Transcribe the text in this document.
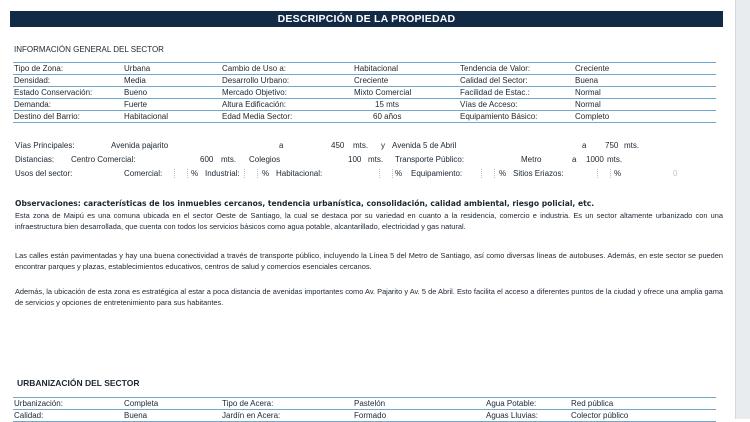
DESCRIPCIÓN DE LA PROPIEDAD
INFORMACIÓN GENERAL DEL SECTOR
Tipo de Zona:	Urbana	Cambio de Uso a:	Habitacional	Tendencia de Valor:	Creciente
Densidad:	Media	Desarrollo Urbano:	Creciente	Calidad del Sector:	Buena
Estado Conservación:	Bueno	Mercado Objetivo:	Mixto Comercial	Facilidad de Estac.:	Normal
Demanda:	Fuerte	Altura Edificación:	15 mts	Vías de Acceso:	Normal
Destino del Barrio:	Habitacional	Edad Media Sector:	60 años	Equipamiento Básico:	Completo
Vías Principales:	Avenida pajarito	a	450 mts. y Avenida 5 de Abril	a 750 mts.
Distancias: Centro Comercial:	600 mts. Colegios	100 mts. Transporte Público:	Metro	a 1000 mts.
Usos del sector:	Comercial:	% Industrial:	% Habitacional:	% Equipamiento:	% Sitios Eriazos:	%	0
Observaciones: características de los inmuebles cercanos, tendencia urbanística, consolidación, calidad ambiental, riesgo policial, etc.
Esta zona de Maipú es una comuna ubicada en el sector Oeste de Santiago, la cual se destaca por su variedad en cuanto a la residencia, comercio e industria. Es un sector altamente urbanizado con una infraestructura bien desarrollada, que cuenta con todos los servicios básicos como agua potable, alcantarillado, electricidad y gas natural.
Las calles están pavimentadas y hay una buena conectividad a través de transporte público, incluyendo la Línea 5 del Metro de Santiago, así como diversas líneas de autobuses. Además, en este sector se pueden encontrar parques y plazas, establecimientos educativos, centros de salud y comercios esenciales cercanos.
Además, la ubicación de esta zona es estratégica al estar a poca distancia de avenidas importantes como Av. Pajarito y Av. 5 de Abril. Esto facilita el acceso a diferentes puntos de la ciudad y ofrece una amplia gama de servicios y opciones de entretenimiento para sus habitantes.
URBANIZACIÓN DEL SECTOR
Urbanización:	Completa	Tipo de Acera:	Pastelón	Agua Potable:	Red pública
Calidad:	Buena	Jardín en Acera:	Formado	Aguas Lluvias:	Colector público
